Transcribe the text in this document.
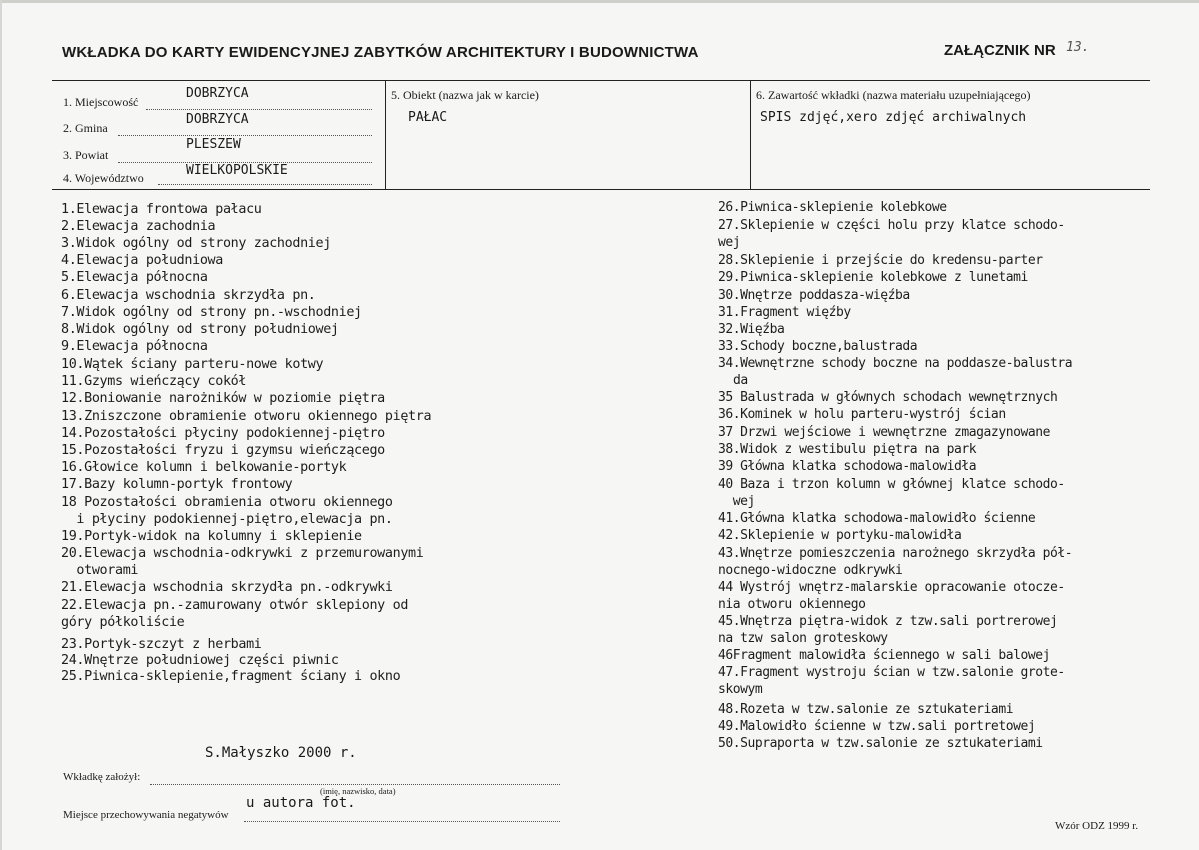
WKŁADKA DO KARTY EWIDENCYJNEJ ZABYTKÓW ARCHITEKTURY I BUDOWNICTWA	ZAŁĄCZNIK NR 13.
1. Miejscowość
DOBRZYCA
2. Gmina
DOBRZYCA
3. Powiat
PLESZEW
4. Województwo	WIELKOPOLSKIE
5. Obiekt (nazwa jak w karcie)
PAŁAC
6. Zawartość wkładki (nazwa materiału uzupełniającego)
SPIS zdjęć,xero zdjęć archiwalnych
1.Elewacja frontowa pałacu
2.Elewacja zachodnia
3.Widok ogólny od strony zachodniej
4.Elewacja południowa
5.Elewacja północna
6.Elewacja wschodnia skrzydła pn.
7.Widok ogólny od strony pn.-wschodniej
8.Widok ogólny od strony południowej
9.Elewacja północna
10.Wątek ściany parteru-nowe kotwy
11.Gzyms wieńczący cokół
12.Boniowanie narożników w poziomie piętra
13.Zniszczone obramienie otworu okiennego piętra
14.Pozostałości płyciny podokiennej-piętro
15.Pozostałości fryzu i gzymsu wieńczącego
16.Głowice kolumn i belkowanie-portyk
17.Bazy kolumn-portyk frontowy
18 Pozostałości obramienia otworu okiennego
i płyciny podokiennej-piętro,elewacja pn.
19.Portyk-widok na kolumny i sklepienie
20.Elewacja wschodnia-odkrywki z przemurowanymi
otworami
21.Elewacja wschodnia skrzydła pn.-odkrywki
22.Elewacja pn.-zamurowany otwór sklepiony od
góry półkoliście
23.Portyk-szczyt z herbami
24.Wnętrze południowej części piwnic
25.Piwnica-sklepienie,fragment ściany i okno
26.Piwnica-sklepienie kolebkowe
27.Sklepienie w części holu przy klatce schodo-
wej
28.Sklepienie i przejście do kredensu-parter
29.Piwnica-sklepienie kolebkowe z lunetami
30.Wnętrze poddasza-więźba
31.Fragment więźby
32.Więźba
33.Schody boczne,balustrada
34.Wewnętrzne schody boczne na poddasze-balustra
da
35 Balustrada w głównych schodach wewnętrznych
36.Kominek w holu parteru-wystrój ścian
37 Drzwi wejściowe i wewnętrzne zmagazynowane
38.Widok z westibulu piętra na park
39 Główna klatka schodowa-malowidła
40 Baza i trzon kolumn w głównej klatce schodo-
wej
41.Główna klatka schodowa-malowidło ścienne
42.Sklepienie w portyku-malowidła
43.Wnętrze pomieszczenia narożnego skrzydła pół-
nocnego-widoczne odkrywki
44 Wystrój wnętrz-malarskie opracowanie otocze-
nia otworu okiennego
45.Wnętrza piętra-widok z tzw.sali portrerowej
na tzw salon groteskowy
46Fragment malowidła ściennego w sali balowej
47.Fragment wystroju ścian w tzw.salonie grote-
skowym
48.Rozeta w tzw.salonie ze sztukateriami
49.Malowidło ścienne w tzw.sali portretowej
50.Supraporta w tzw.salonie ze sztukateriami
S.Małyszko 2000 r.
Wkładkę założył:
(imię, nazwisko, data)
Miejsce przechowywania negatywów
u autora fot.
Wzór ODZ 1999 r.
